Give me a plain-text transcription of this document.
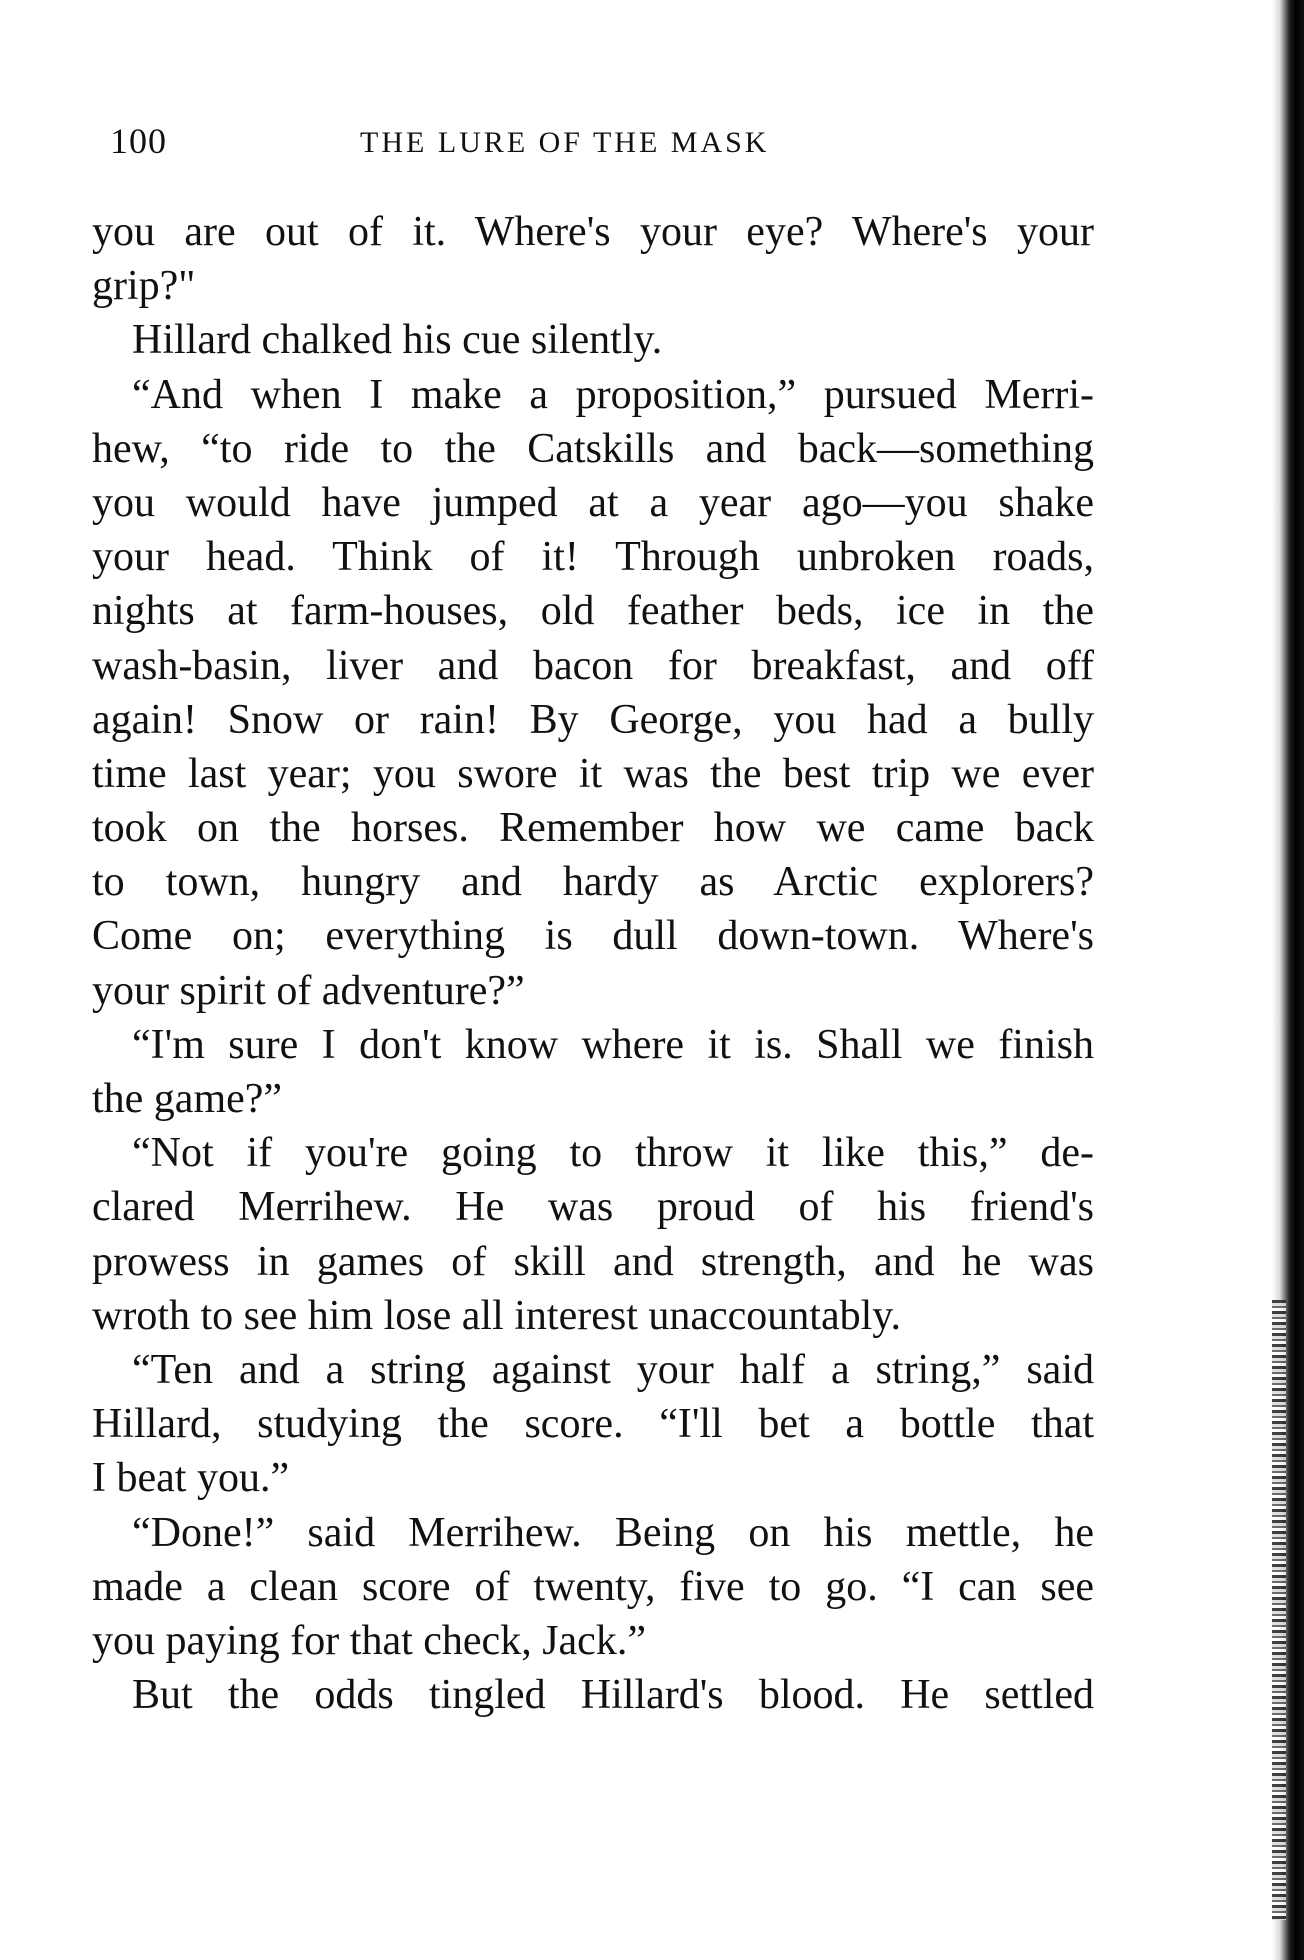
100	THE LURE OF THE MASK
you are out of it. Where's your eye? Where's your
grip?"
Hillard chalked his cue silently.
“And when I make a proposition,” pursued Merri-
hew, “to ride to the Catskills and back—something
you would have jumped at a year ago—you shake
your head. Think of it! Through unbroken roads,
nights at farm-houses, old feather beds, ice in the
wash-basin, liver and bacon for breakfast, and off
again! Snow or rain! By George, you had a bully
time last year; you swore it was the best trip we ever
took on the horses. Remember how we came back
to town, hungry and hardy as Arctic explorers?
Come on; everything is dull down-town. Where's
your spirit of adventure?”
“I'm sure I don't know where it is. Shall we finish
the game?”
“Not if you're going to throw it like this,” de-
clared Merrihew. He was proud of his friend's
prowess in games of skill and strength, and he was
wroth to see him lose all interest unaccountably.
“Ten and a string against your half a string,” said
Hillard, studying the score. “I'll bet a bottle that
I beat you.”
“Done!” said Merrihew. Being on his mettle, he
made a clean score of twenty, five to go. “I can see
you paying for that check, Jack.”
But the odds tingled Hillard's blood. He settled
